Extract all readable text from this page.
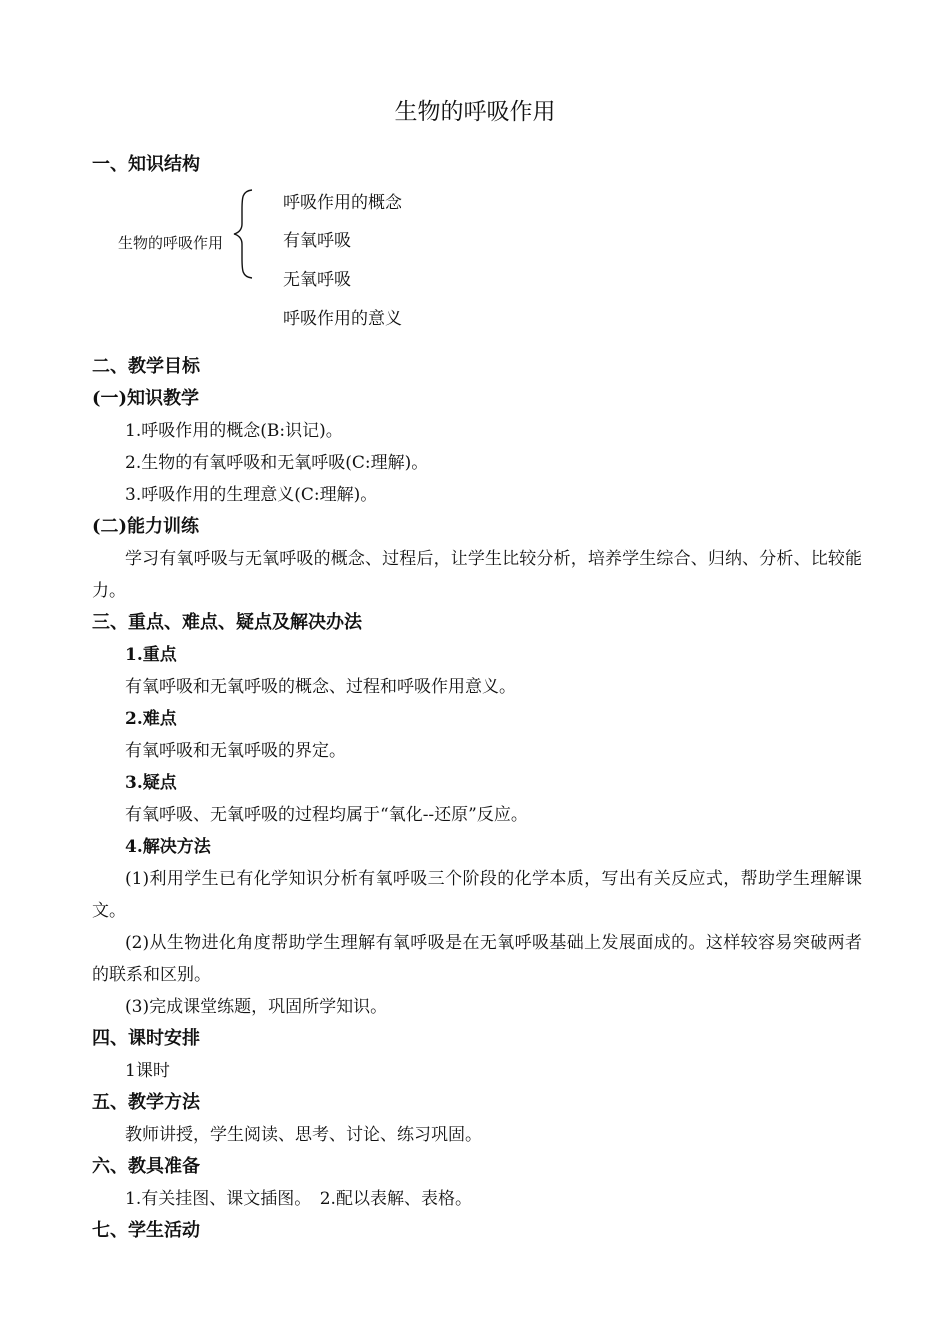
生物的呼吸作用
一、知识结构
生物的呼吸作用
呼吸作用的概念
有氧呼吸
无氧呼吸
呼吸作用的意义
二、教学目标
(一)知识教学
1.呼吸作用的概念(B:识记)。
2.生物的有氧呼吸和无氧呼吸(C:理解)。
3.呼吸作用的生理意义(C:理解)。
(二)能力训练
学习有氧呼吸与无氧呼吸的概念、过程后，让学生比较分析，培养学生综合、归纳、分析、比较能力。
三、重点、难点、疑点及解决办法
1.重点
有氧呼吸和无氧呼吸的概念、过程和呼吸作用意义。
2.难点
有氧呼吸和无氧呼吸的界定。
3.疑点
有氧呼吸、无氧呼吸的过程均属于“氧化--还原”反应。
4.解决方法
(1)利用学生已有化学知识分析有氧呼吸三个阶段的化学本质，写出有关反应式，帮助学生理解课文。
(2)从生物进化角度帮助学生理解有氧呼吸是在无氧呼吸基础上发展面成的。这样较容易突破两者的联系和区别。
(3)完成课堂练题，巩固所学知识。
四、课时安排
1课时
五、教学方法
教师讲授，学生阅读、思考、讨论、练习巩固。
六、教具准备
1.有关挂图、课文插图。　2.配以表解、表格。
七、学生活动
